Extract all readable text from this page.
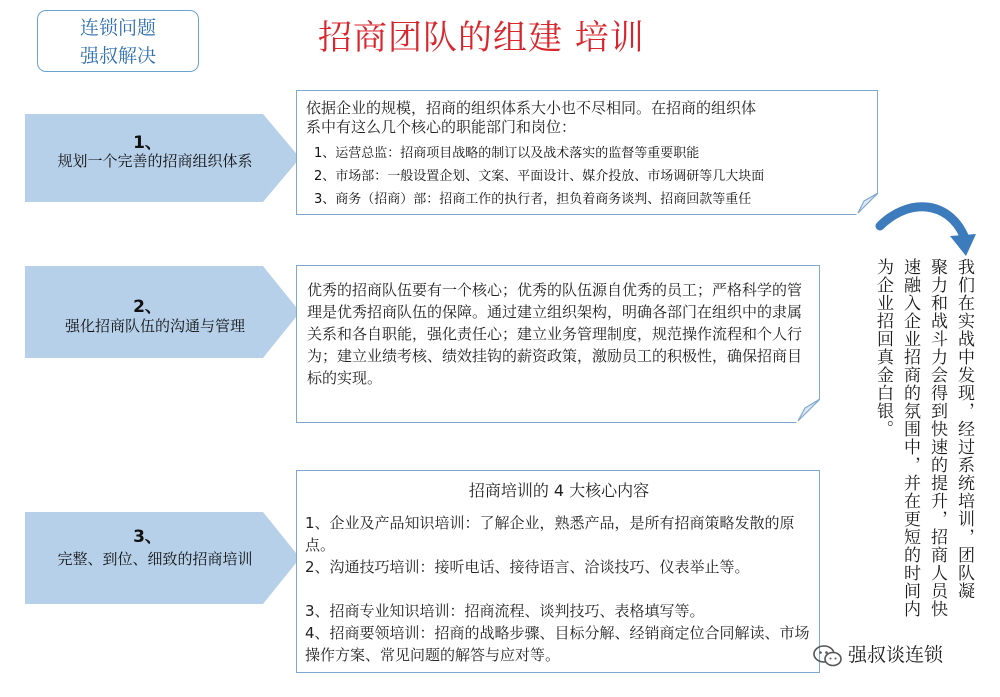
连锁问题
强叔解决	招商团队的组建 培训
1、
规划一个完善的招商组织体系
2、
强化招商队伍的沟通与管理
3、
完整、到位、细致的招商培训
依据企业的规模，招商的组织体系大小也不尽相同。在招商的组织体系中有这么几个核心的职能部门和岗位：
1、运营总监：招商项目战略的制订以及战术落实的监督等重要职能
2、市场部：一般设置企划、文案、平面设计、媒介投放、市场调研等几大块面
3、商务（招商）部：招商工作的执行者，担负着商务谈判、招商回款等重任
优秀的招商队伍要有一个核心；优秀的队伍源自优秀的员工；严格科学的管理是优秀招商队伍的保障。通过建立组织架构，明确各部门在组织中的隶属关系和各自职能，强化责任心；建立业务管理制度，规范操作流程和个人行为；建立业绩考核、绩效挂钩的薪资政策，激励员工的积极性，确保招商目标的实现。
招商培训的 4 大核心内容
1、企业及产品知识培训：了解企业，熟悉产品，是所有招商策略发散的原点。
2、沟通技巧培训：接听电话、接待语言、洽谈技巧、仪表举止等。
3、招商专业知识培训：招商流程、谈判技巧、表格填写等。
4、招商要领培训：招商的战略步骤、目标分解、经销商定位合同解读、市场操作方案、常见问题的解答与应对等。
我们在实战中发现，经过系统培训，团队凝
聚力和战斗力会得到快速的提升，招商人员快
速融入企业招商的氛围中，并在更短的时间内
为企业招回真金白银。
强叔谈连锁
